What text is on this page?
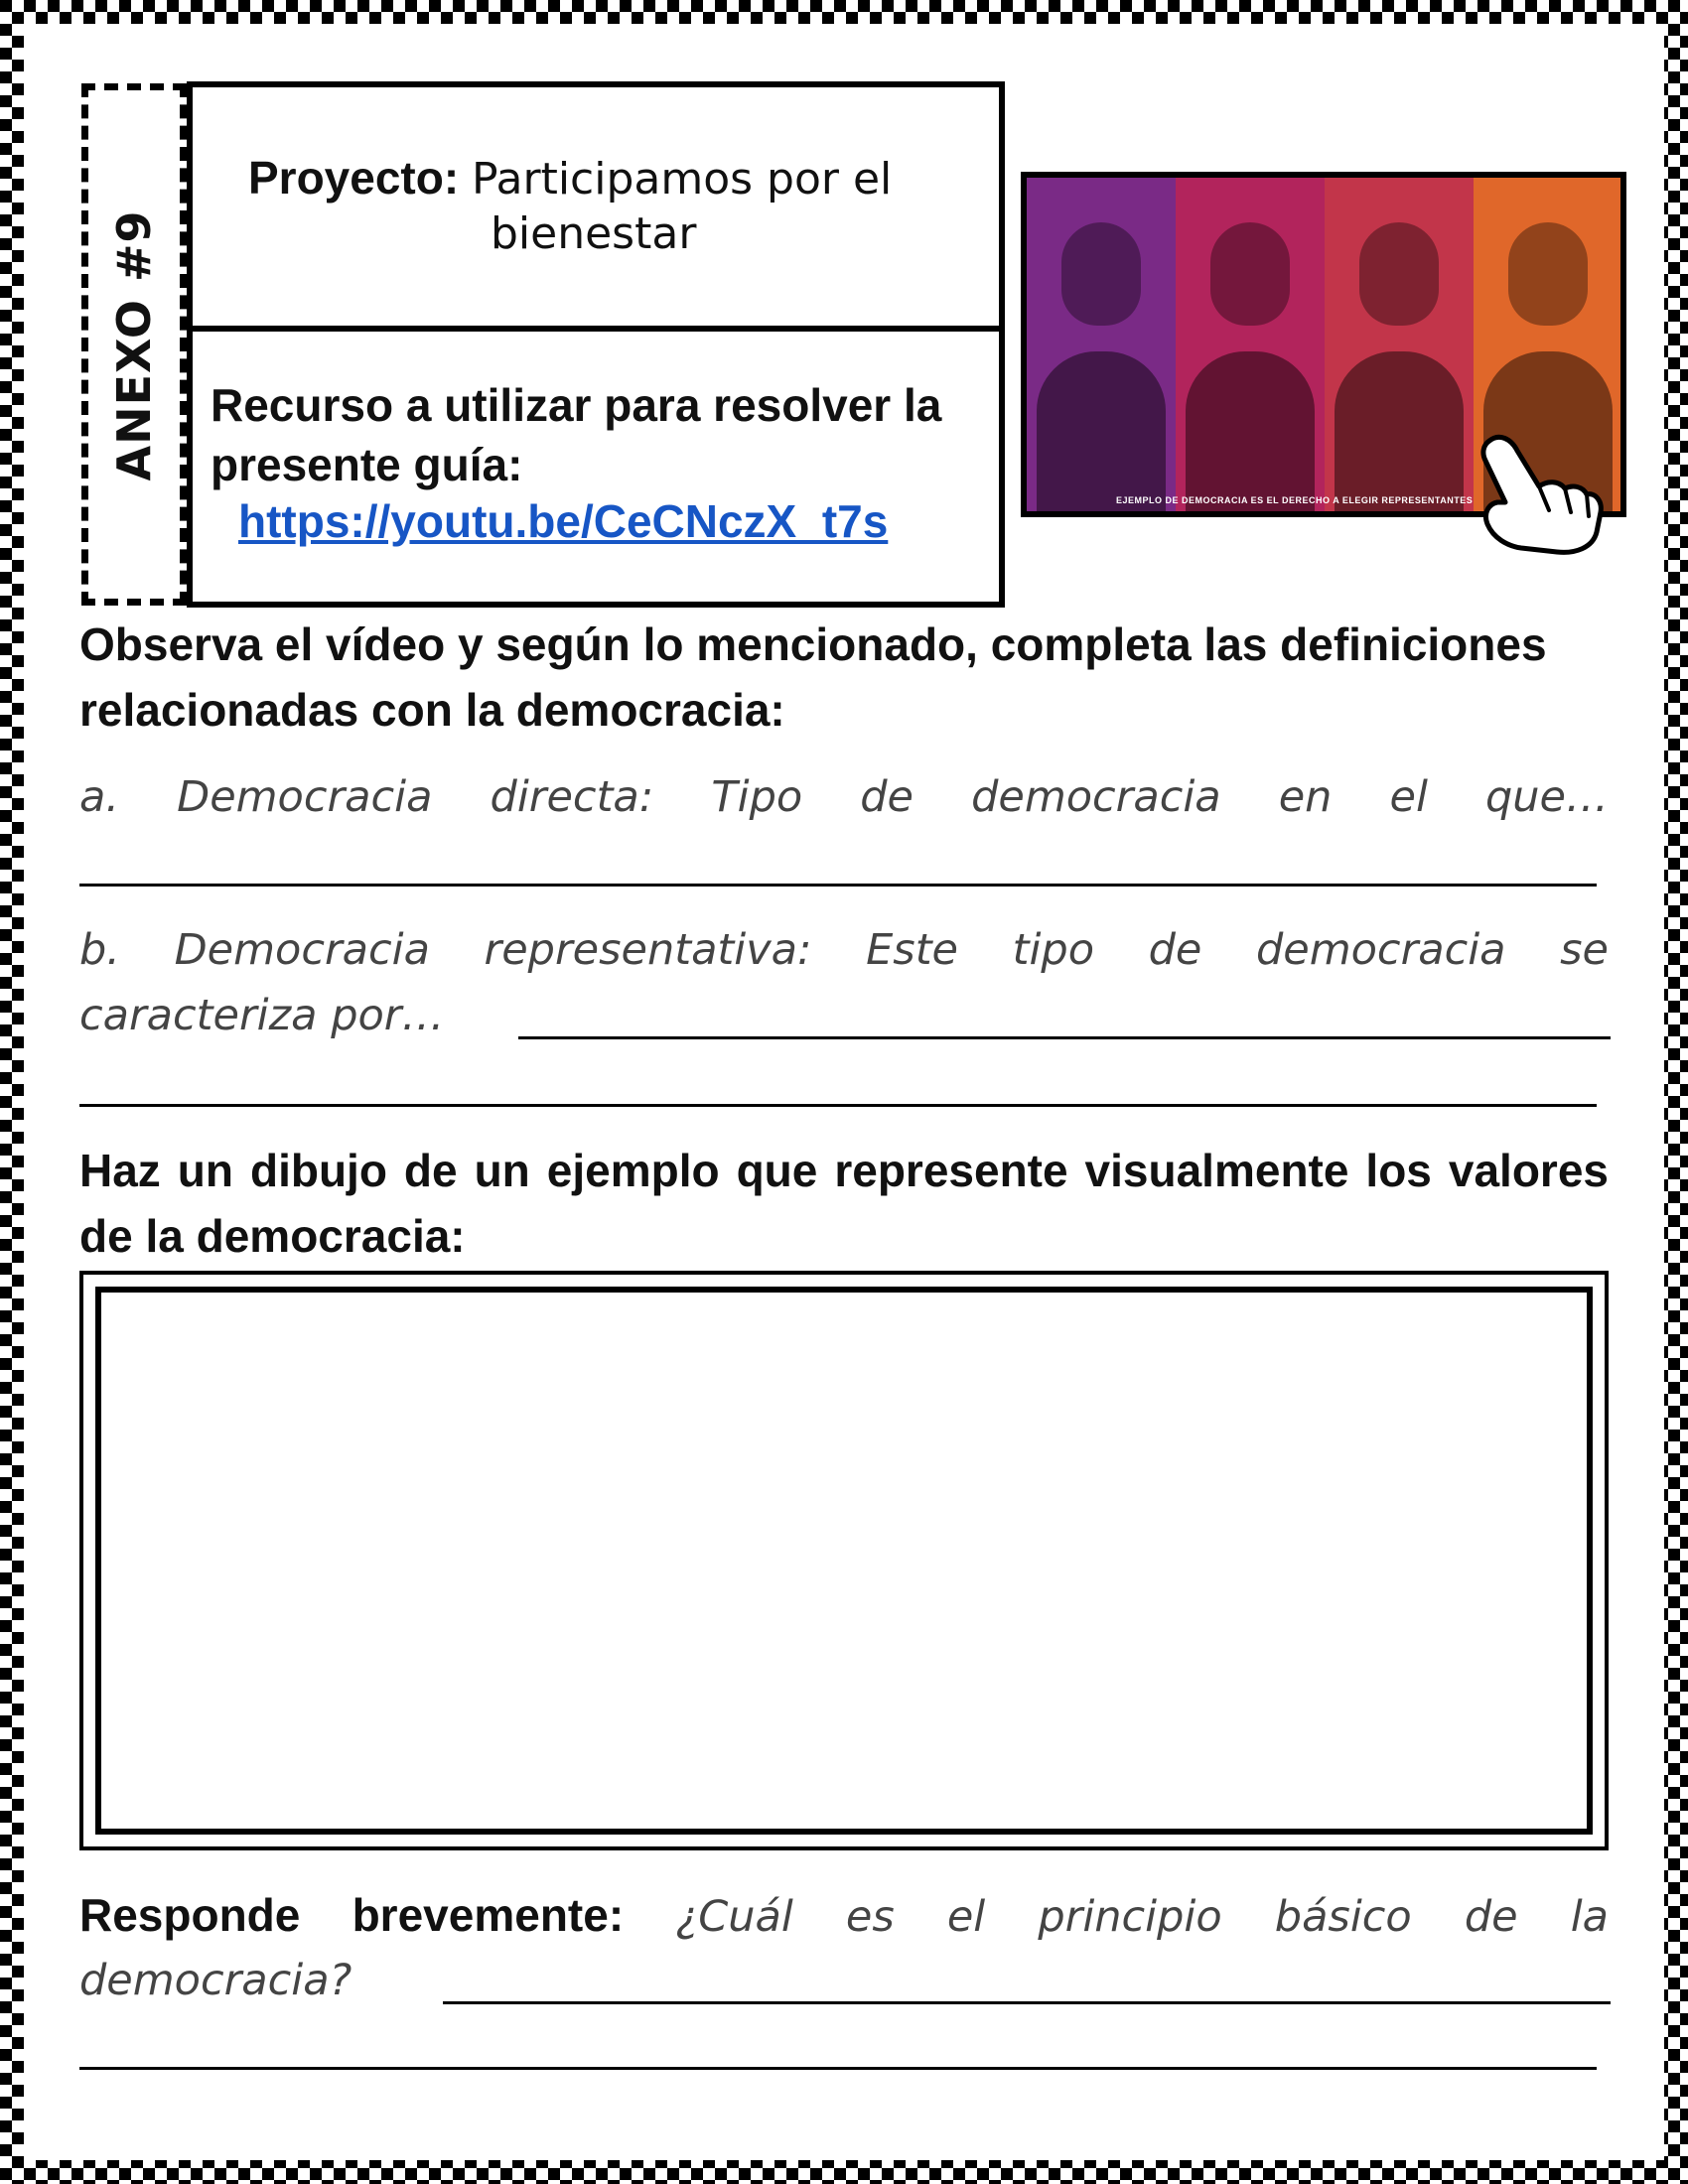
ANEXO #9
Proyecto: Participamos por el
bienestar
Recurso a utilizar para resolver la presente guía:
https://youtu.be/CeCNczX_t7s	EJEMPLO DE DEMOCRACIA ES EL DERECHO A ELEGIR REPRESENTANTES
Observa el vídeo y según lo mencionado, completa las definiciones relacionadas con la democracia:
a. Democracia directa: Tipo de democracia en el que…
b. Democracia representativa: Este tipo de democracia se
caracteriza por…
Haz un dibujo de un ejemplo que represente visualmente los valores de la democracia:
Responde brevemente: ¿Cuál es el principio básico de la
democracia?
